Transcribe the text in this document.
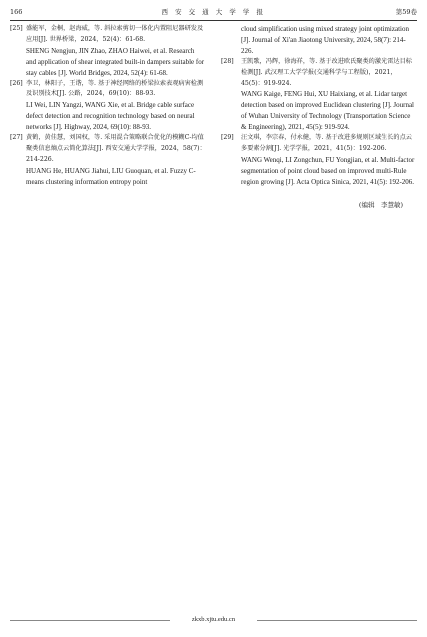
166	西 安 交 通 大 学 学 报	第59卷
[25] 盛能军，金桐，赵海威，等. 斜拉索剪切一体化内置阻尼器研发及应用[J]. 世界桥梁，2024，52(4)：61-68.

SHENG Nengjun, JIN Zhao, ZHAO Haiwei, et al. Research and application of shear integrated built-in dampers suitable for stay cables [J]. World Bridges, 2024, 52(4): 61-68.

[26] 李卫，林阳子，王谐，等. 基于神经网络的桥梁拉索表观病害检测及识别技术[J]. 公路，2024，69(10)：88-93.

LI Wei, LIN Yangzi, WANG Xie, et al. Bridge cable surface defect detection and recognition technology based on neural networks [J]. Highway, 2024, 69(10): 88-93.

[27] 黄鹤，黄佳慧，刘国权，等. 采用混合策略联合优化的模糊C-均值聚类信息熵点云简化算法[J]. 西安交通大学学报，2024，58(7)：214-226.

HUANG He, HUANG Jiahui, LIU Guoquan, et al. Fuzzy C-means clustering information entropy point

cloud simplification using mixed strategy joint optimization [J]. Journal of Xi'an Jiaotong University, 2024, 58(7): 214-226.

[28] 王凯歌，冯辉，徐海祥，等. 基于改进欧氏聚类的激光雷达目标检测[J]. 武汉理工大学学报(交通科学与工程版)，2021，45(5)：919-924.

WANG Kaige, FENG Hui, XU Haixiang, et al. Lidar target detection based on improved Euclidean clustering [J]. Journal of Wuhan University of Technology (Transportation Science & Engineering), 2021, 45(5): 919-924.

[29] 汪文琪，李宗春，付永健，等. 基于改进多规则区域生长的点云多要素分割[J]. 光学学报，2021，41(5)：192-206.

WANG Wenqi, LI Zongchun, FU Yongjian, et al. Multi-factor segmentation of point cloud based on improved multi-Rule region growing [J]. Acta Optica Sinica, 2021, 41(5): 192-206.

(编辑　李慧敏)
zkxb.xjtu.edu.cn
